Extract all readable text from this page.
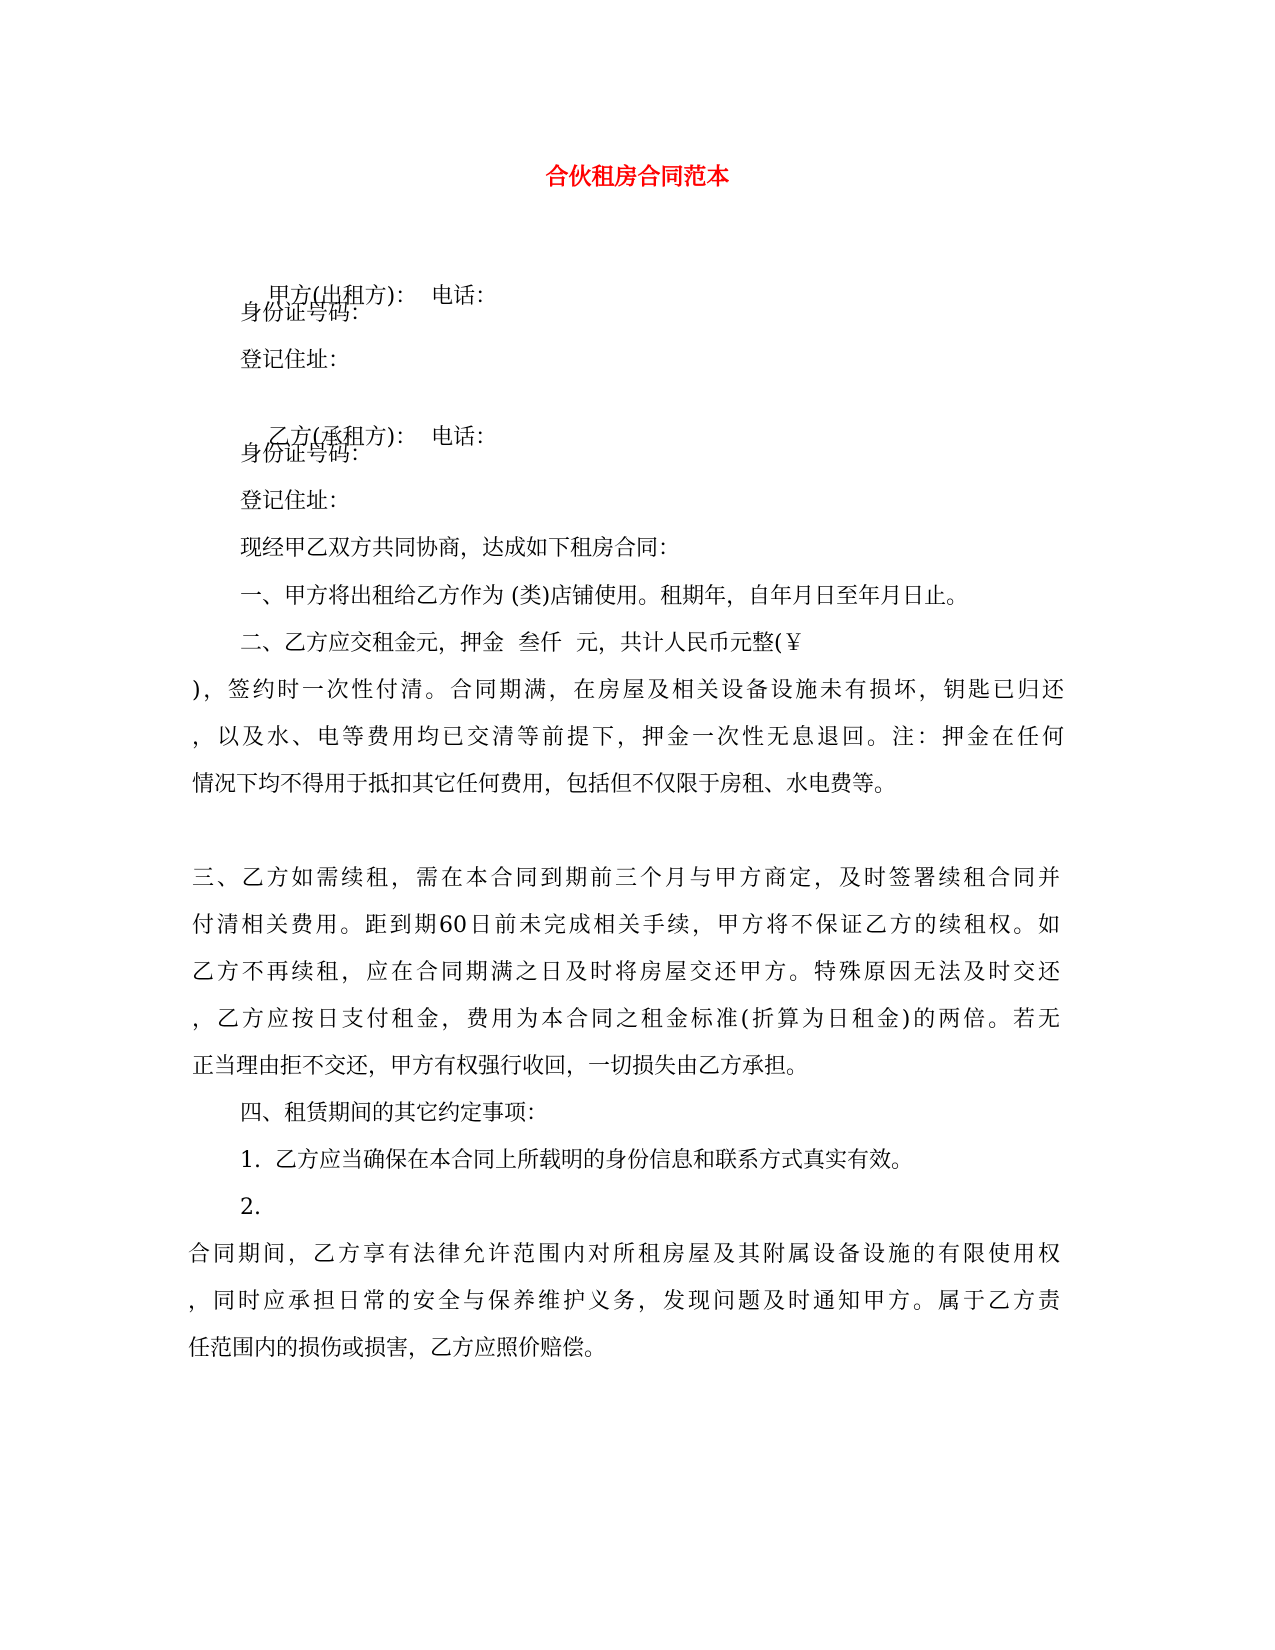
合伙租房合同范本

甲方(出租方)： 电话：

身份证号码：
登记住址：

乙方(承租方)： 电话：

身份证号码：
登记住址：
现经甲乙双方共同协商，达成如下租房合同：
一、甲方将出租给乙方作为 (类)店铺使用。租期年，自年月日至年月日止。
二、乙方应交租金元，押金  叁仟  元，共计人民币元整(￥
)，签约时一次性付清。合同期满，在房屋及相关设备设施未有损坏，钥匙已归还
，以及水、电等费用均已交清等前提下，押金一次性无息退回。注：押金在任何
情况下均不得用于抵扣其它任何费用，包括但不仅限于房租、水电费等。
三、乙方如需续租，需在本合同到期前三个月与甲方商定，及时签署续租合同并
付清相关费用。距到期60日前未完成相关手续，甲方将不保证乙方的续租权。如
乙方不再续租，应在合同期满之日及时将房屋交还甲方。特殊原因无法及时交还
，乙方应按日支付租金，费用为本合同之租金标准(折算为日租金)的两倍。若无
正当理由拒不交还，甲方有权强行收回，一切损失由乙方承担。
四、租赁期间的其它约定事项：
1.  乙方应当确保在本合同上所载明的身份信息和联系方式真实有效。
2.
合同期间，乙方享有法律允许范围内对所租房屋及其附属设备设施的有限使用权
，同时应承担日常的安全与保养维护义务，发现问题及时通知甲方。属于乙方责
任范围内的损伤或损害，乙方应照价赔偿。
